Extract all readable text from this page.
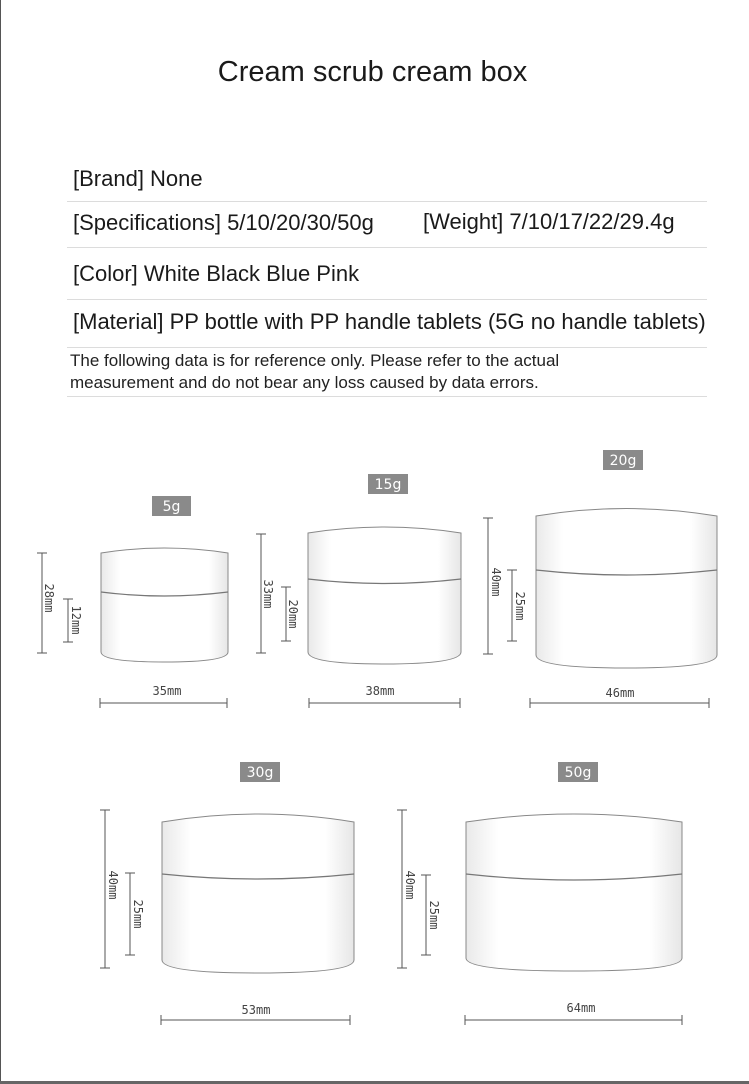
Cream scrub cream box
[Brand] None
[Specifications] 5/10/20/30/50g [Weight] 7/10/17/22/29.4g
[Color] White Black Blue Pink
[Material] PP bottle with PP handle tablets (5G no handle tablets)
The following data is for reference only. Please refer to the actual
measurement and do not bear any loss caused by data errors.
5g
28mm
12mm
35mm
15g
33mm
20mm
38mm
20g
40mm
25mm
46mm
30g
40mm
25mm
53mm
50g
40mm
25mm
64mm
